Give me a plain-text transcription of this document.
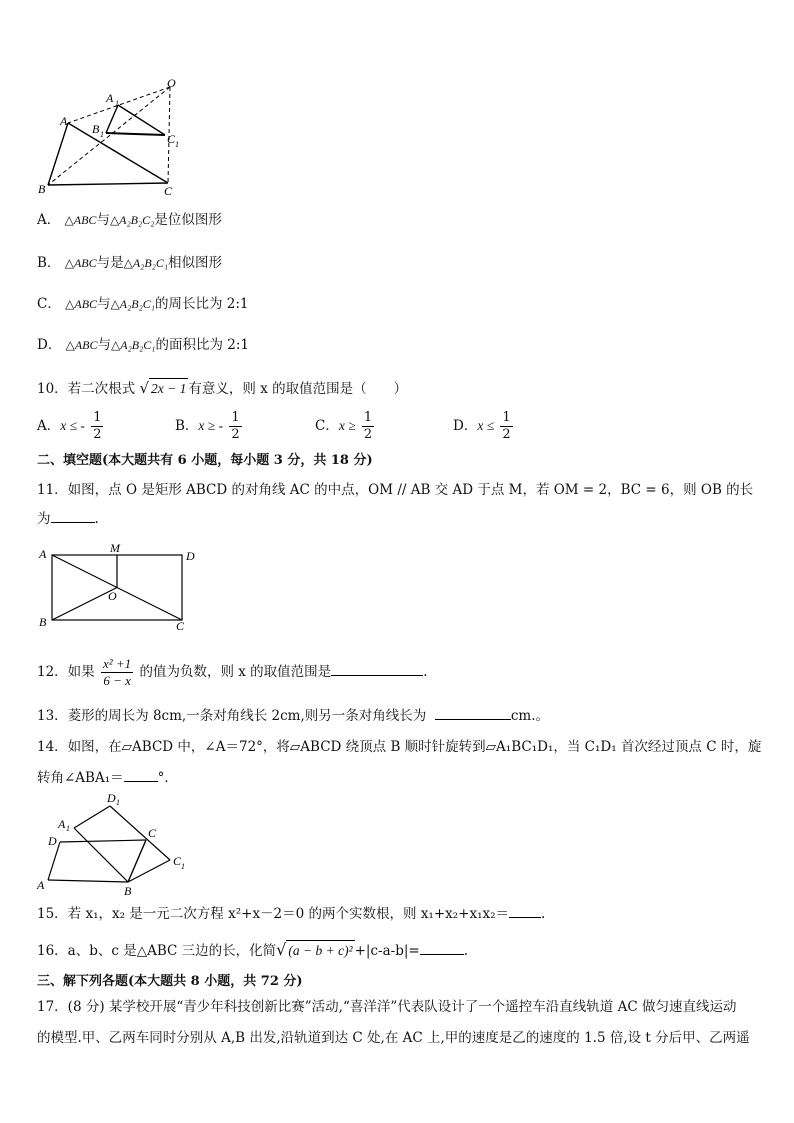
O
A 1
A
B 1	C 1
B	C
A． △ABC与△A₂B₂C₂是位似图形
B． △ABC与是△A₂B₂C₁相似图形
C． △ABC与△A₂B₂C₁的周长比为 2:1
D． △ABC与△A₂B₂C₁的面积比为 2:1
10．若二次根式 √ 2x − 1 有意义，则 x 的取值范围是（　　）
A．x ≤ - $\frac{1}{2}$	B．x ≥ - $\frac{1}{2}$	C．$x \ge \frac{1}{2}$	D．$x \le \frac{1}{2}$
二、填空题(本大题共有 6 小题，每小题 3 分，共 18 分)
11．如图，点 O 是矩形 ABCD 的对角线 AC 的中点，OM // AB 交 AD 于点 M，若 OM = 2，BC = 6，则 OB 的长
为	.
A	M
D
O
B	C
12．如果 $\frac{\text{x² +1}}{6 - x}$ 的值为负数，则 x 的取值范围是	.
13．菱形的周长为 8cm,一条对角线长 2cm,则另一条对角线长为	cm.。
14．如图，在▱ABCD 中，∠A＝72°，将▱ABCD 绕顶点 B 顺时针旋转到▱A₁BC₁D₁，当 C₁D₁ 首次经过顶点 C 时，旋
转角∠ABA₁＝	°．
D 1
A 1
D
C
C 1
A	B
15．若 x₁，x₂ 是一元二次方程 x²+x－2＝0 的两个实数根，则 x₁+x₂+x₁x₂＝ .
16．a、b、c 是△ABC 三边的长，化简√ (a − b + c)² +|c-a-b|=	.
三、解下列各题(本大题共 8 小题，共 72 分)
17．(8 分) 某学校开展“青少年科技创新比赛”活动,“喜洋洋”代表队设计了一个遥控车沿直线轨道 AC 做匀速直线运动
的模型.甲、乙两车同时分别从 A,B 出发,沿轨道到达 C 处,在 AC 上,甲的速度是乙的速度的 1.5 倍,设 t 分后甲、乙两遥
